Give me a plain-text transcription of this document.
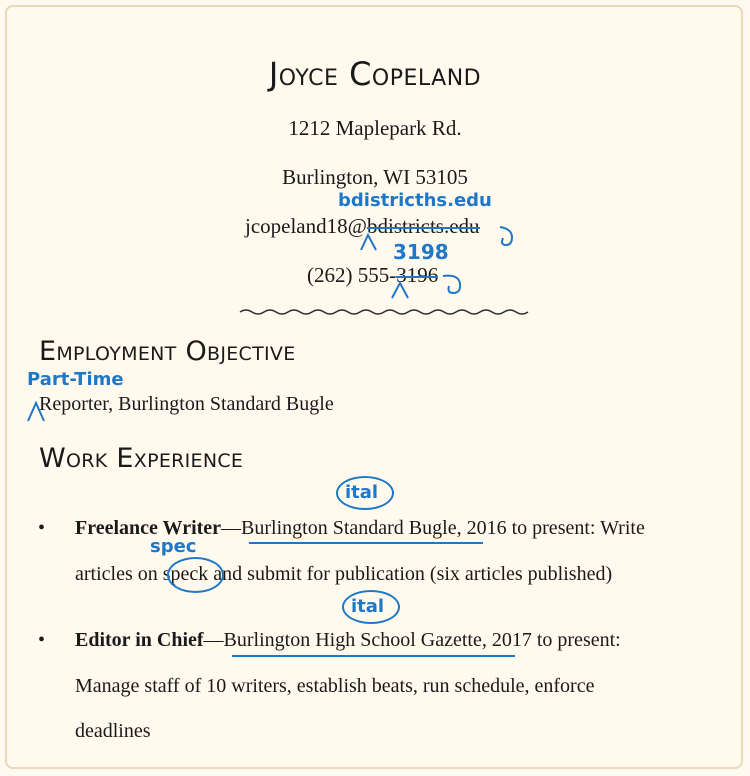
Joyce Copeland
1212 Maplepark Rd.
Burlington, WI 53105
jcopeland18@bdistricts.edu
bdistricths.edu
(262) 555-3196
3198
Employment Objective
Part-Time
Reporter, Burlington Standard Bugle
Work Experience
• Freelance Writer—Burlington Standard Bugle, 2016 to present: Write
articles on speck and submit for publication (six articles published)
ital
spec
• Editor in Chief—Burlington High School Gazette, 2017 to present:
Manage staff of 10 writers, establish beats, run schedule, enforce
deadlines
ital
